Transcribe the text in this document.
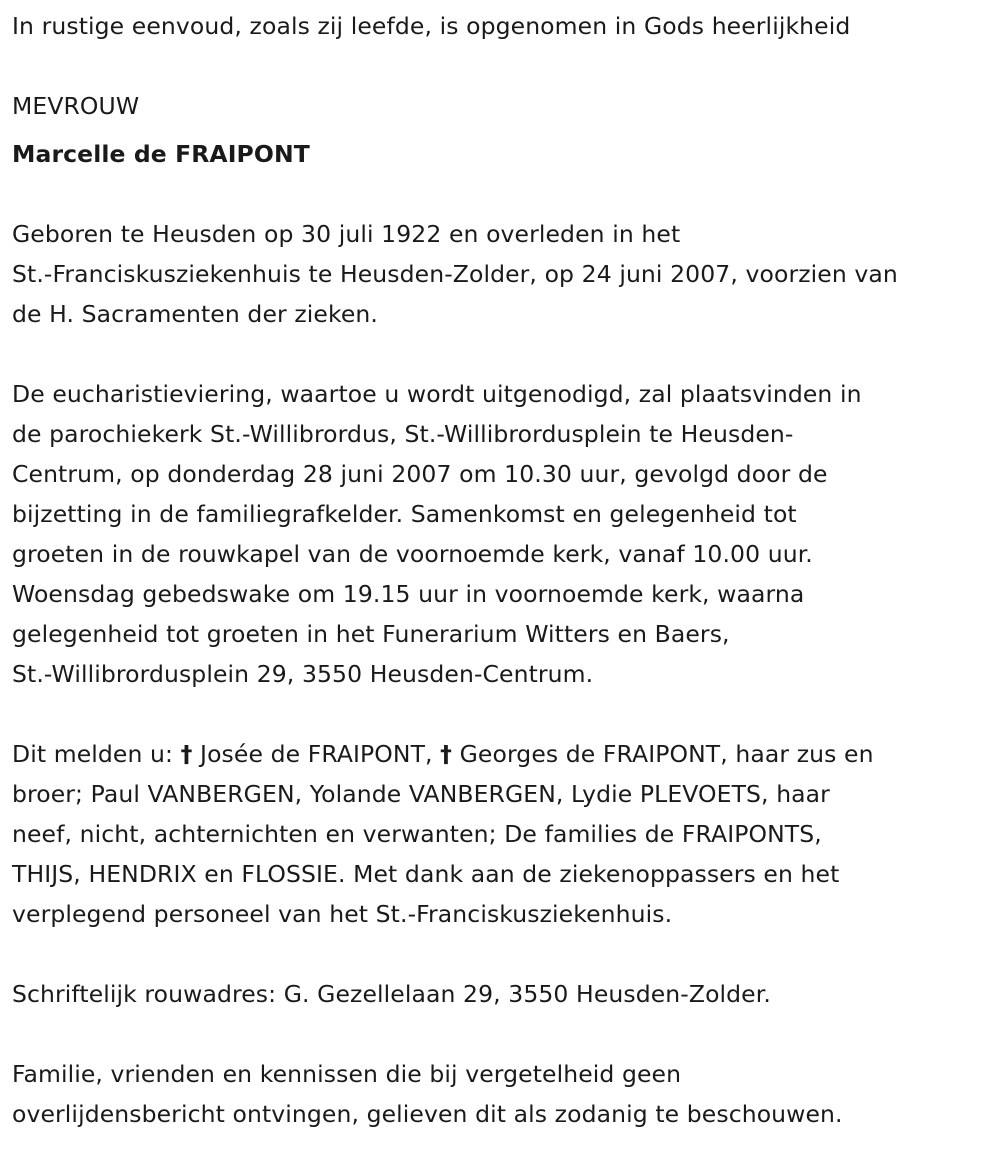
In rustige eenvoud, zoals zij leefde, is opgenomen in Gods heerlijkheid

MEVROUW

Marcelle de FRAIPONT

Geboren te Heusden op 30 juli 1922 en overleden in het
St.-Franciskusziekenhuis te Heusden-Zolder, op 24 juni 2007, voorzien van
de H. Sacramenten der zieken.
De eucharistieviering, waartoe u wordt uitgenodigd, zal plaatsvinden in
de parochiekerk St.-Willibrordus, St.-Willibrordusplein te Heusden-
Centrum, op donderdag 28 juni 2007 om 10.30 uur, gevolgd door de
bijzetting in de familiegrafkelder. Samenkomst en gelegenheid tot
groeten in de rouwkapel van de voornoemde kerk, vanaf 10.00 uur.
Woensdag gebedswake om 19.15 uur in voornoemde kerk, waarna
gelegenheid tot groeten in het Funerarium Witters en Baers,
St.-Willibrordusplein 29, 3550 Heusden-Centrum.
Dit melden u: † Josée de FRAIPONT, † Georges de FRAIPONT, haar zus en
broer; Paul VANBERGEN, Yolande VANBERGEN, Lydie PLEVOETS, haar
neef, nicht, achternichten en verwanten; De families de FRAIPONTS,
THIJS, HENDRIX en FLOSSIE. Met dank aan de ziekenoppassers en het
verplegend personeel van het St.-Franciskusziekenhuis.

Schriftelijk rouwadres: G. Gezellelaan 29, 3550 Heusden-Zolder.

Familie, vrienden en kennissen die bij vergetelheid geen
overlijdensbericht ontvingen, gelieven dit als zodanig te beschouwen.
